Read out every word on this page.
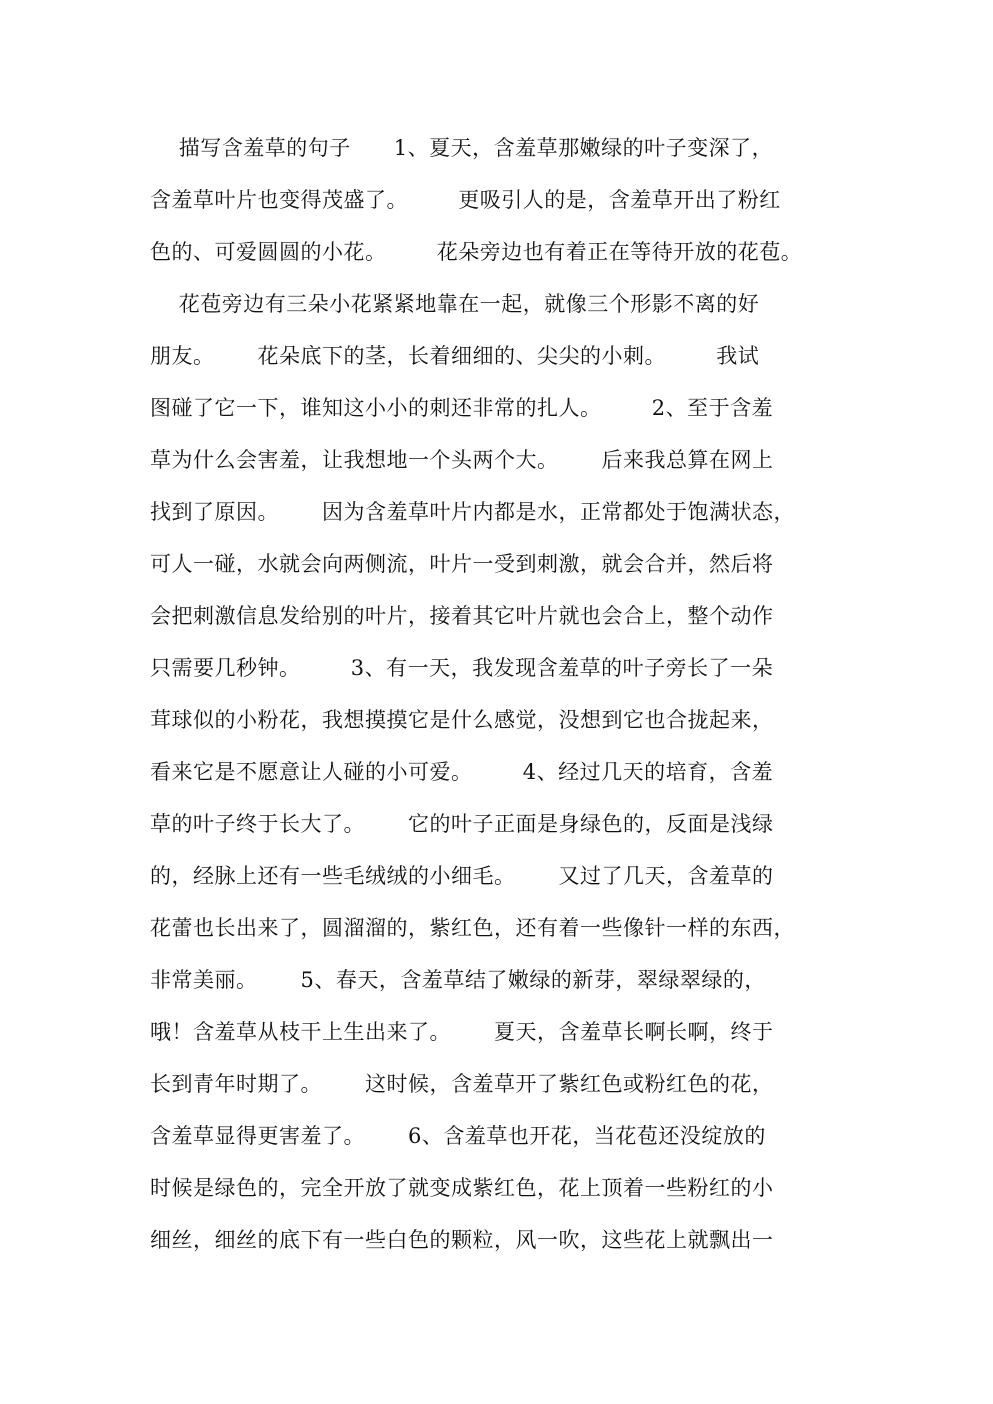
描写含羞草的句子      1、夏天，含羞草那嫩绿的叶子变深了，
含羞草叶片也变得茂盛了。       更吸引人的是，含羞草开出了粉红
色的、可爱圆圆的小花。       花朵旁边也有着正在等待开放的花苞。
花苞旁边有三朵小花紧紧地靠在一起，就像三个形影不离的好
朋友。      花朵底下的茎，长着细细的、尖尖的小刺。       我试
图碰了它一下，谁知这小小的刺还非常的扎人。       2、至于含羞
草为什么会害羞，让我想地一个头两个大。      后来我总算在网上
找到了原因。      因为含羞草叶片内都是水，正常都处于饱满状态，
可人一碰，水就会向两侧流，叶片一受到刺激，就会合并，然后将
会把刺激信息发给别的叶片，接着其它叶片就也会合上，整个动作
只需要几秒钟。       3、有一天，我发现含羞草的叶子旁长了一朵
茸球似的小粉花，我想摸摸它是什么感觉，没想到它也合拢起来，
看来它是不愿意让人碰的小可爱。       4、经过几天的培育，含羞
草的叶子终于长大了。      它的叶子正面是身绿色的，反面是浅绿
的，经脉上还有一些毛绒绒的小细毛。      又过了几天，含羞草的
花蕾也长出来了，圆溜溜的，紫红色，还有着一些像针一样的东西，
非常美丽。      5、春天，含羞草结了嫩绿的新芽，翠绿翠绿的，
哦！含羞草从枝干上生出来了。      夏天，含羞草长啊长啊，终于
长到青年时期了。      这时候，含羞草开了紫红色或粉红色的花，
含羞草显得更害羞了。      6、含羞草也开花，当花苞还没绽放的
时候是绿色的，完全开放了就变成紫红色，花上顶着一些粉红的小
细丝，细丝的底下有一些白色的颗粒，风一吹，这些花上就飘出一
